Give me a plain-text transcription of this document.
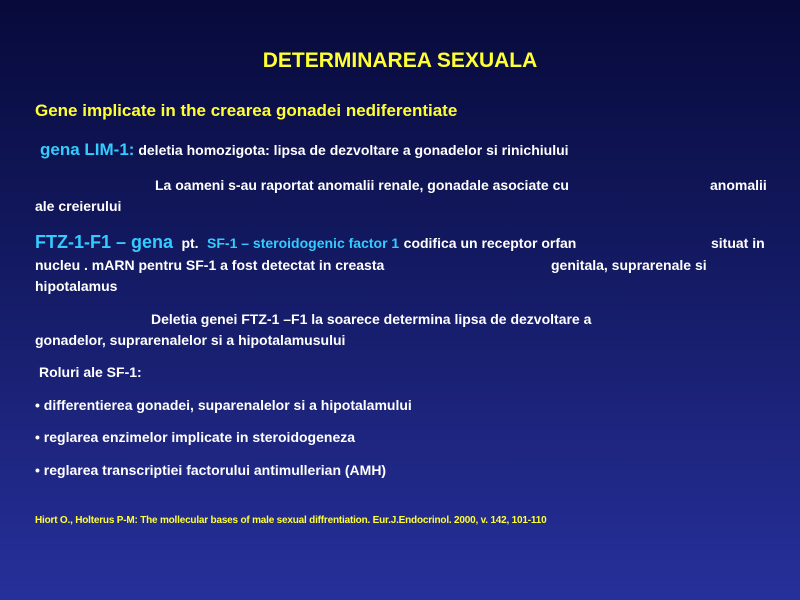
DETERMINAREA SEXUALA
Gene implicate in the crearea gonadei nediferentiate
gena LIM-1: deletia homozigota: lipsa de dezvoltare a gonadelor si rinichiului
La oameni s-au raportat anomalii renale, gonadale asociate cu	anomalii
ale creierului
FTZ-1-F1 – gena pt. SF-1 – steroidogenic factor 1 codifica un receptor orfan	situat in
nucleu . mARN pentru SF-1 a fost detectat in creasta	genitala, suprarenale si
hipotalamus
Deletia genei FTZ-1 –F1 la soarece determina lipsa de dezvoltare a
gonadelor, suprarenalelor si a hipotalamusului
Roluri ale SF-1:
• differentierea gonadei, suparenalelor si a hipotalamului
• reglarea enzimelor implicate in steroidogeneza
• reglarea transcriptiei factorului antimullerian (AMH)
Hiort O., Holterus P-M: The mollecular bases of male sexual diffrentiation. Eur.J.Endocrinol. 2000, v. 142, 101-110
